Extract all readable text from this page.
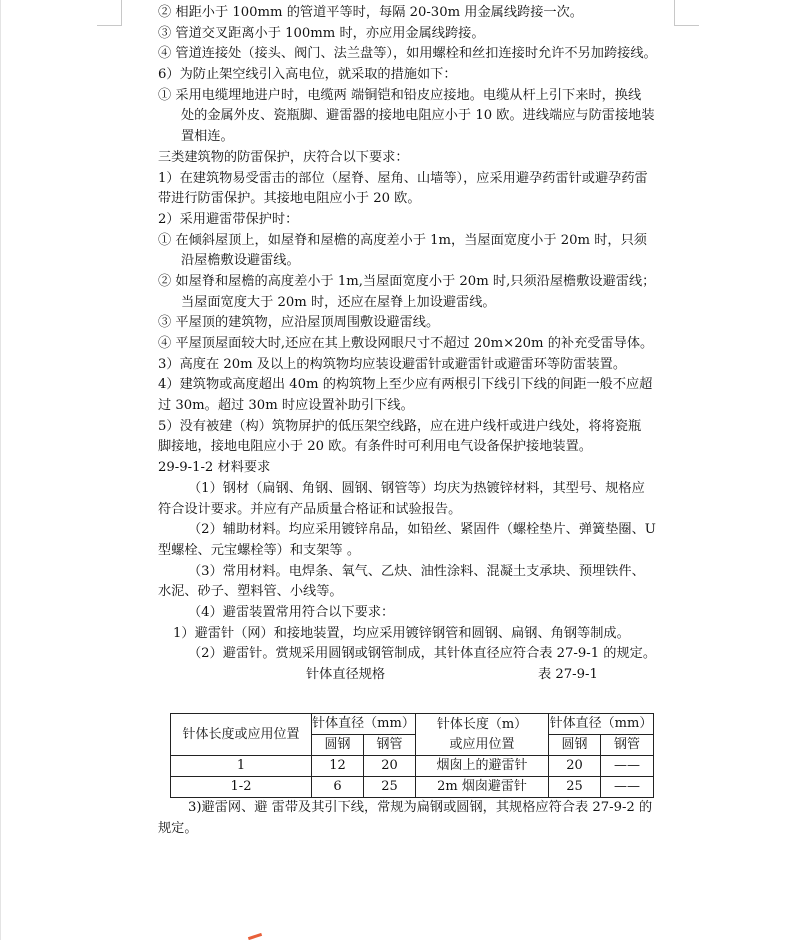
② 相距小于 100mm 的管道平等时，每隔 20-30m 用金属线跨接一次。
③ 管道交叉距离小于 100mm 时，亦应用金属线跨接。
④ 管道连接处（接头、阀门、法兰盘等），如用螺栓和丝扣连接时允许不另加跨接线。
6）为防止架空线引入高电位，就采取的措施如下：
① 采用电缆埋地进户时，电缆两 端铜铠和铅皮应接地。电缆从杆上引下来时，换线
处的金属外皮、瓷瓶脚、避雷器的接地电阻应小于 10 欧。进线端应与防雷接地装
置相连。
三类建筑物的防雷保护，庆符合以下要求：
1）在建筑物易受雷击的部位（屋脊、屋角、山墙等），应采用避孕药雷针或避孕药雷
带进行防雷保护。其接地电阻应小于 20 欧。
2）采用避雷带保护时：
① 在倾斜屋顶上，如屋脊和屋檐的高度差小于 1m，当屋面宽度小于 20m 时，只须
沿屋檐敷设避雷线。
② 如屋脊和屋檐的高度差小于 1m,当屋面宽度小于 20m 时,只须沿屋檐敷设避雷线；
当屋面宽度大于 20m 时，还应在屋脊上加设避雷线。
③ 平屋顶的建筑物，应沿屋顶周围敷设避雷线。
④ 平屋顶屋面较大时,还应在其上敷设网眼尺寸不超过 20m×20m 的补充受雷导体。
3）高度在 20m 及以上的构筑物均应装设避雷针或避雷针或避雷环等防雷装置。
4）建筑物或高度超出 40m 的构筑物上至少应有两根引下线引下线的间距一般不应超
过 30m。超过 30m 时应设置补助引下线。
5）没有被建（构）筑物屏护的低压架空线路，应在进户线杆或进户线处，将将瓷瓶
脚接地，接地电阻应小于 20 欧。有条件时可利用电气设备保护接地装置。
29-9-1-2 材料要求
（1）钢材（扁钢、角钢、圆钢、钢管等）均庆为热镀锌材料，其型号、规格应
符合设计要求。并应有产品质量合格证和试验报告。
（2）辅助材料。均应采用镀锌帛品，如铅丝、紧固件（螺栓垫片、弹簧垫圈、U
型螺栓、元宝螺栓等）和支架等 。
（3）常用材料。电焊条、氧气、乙炔、油性涂料、混凝土支承块、预埋铁件、
水泥、砂子、塑料管、小线等。
（4）避雷装置常用符合以下要求：
1）避雷针（网）和接地装置，均应采用镀锌钢管和圆钢、扁钢、角钢等制成。
（2）避雷针。赏规采用圆钢或钢管制成，其针体直径应符合表 27-9-1 的规定。
针体直径规格	表 27-9-1
针体长度或应用位置	针体直径（mm）		针体长度（m）
或应用位置	针体直径（mm）	
	圆钢	钢管		圆钢	钢管
1	12	20	烟囱上的避雷针	20	——
1-2	6	25	2m 烟囱避雷针	25	——
3)避雷网、避 雷带及其引下线，常规为扁钢或圆钢，其规格应符合表 27-9-2 的
规定。
